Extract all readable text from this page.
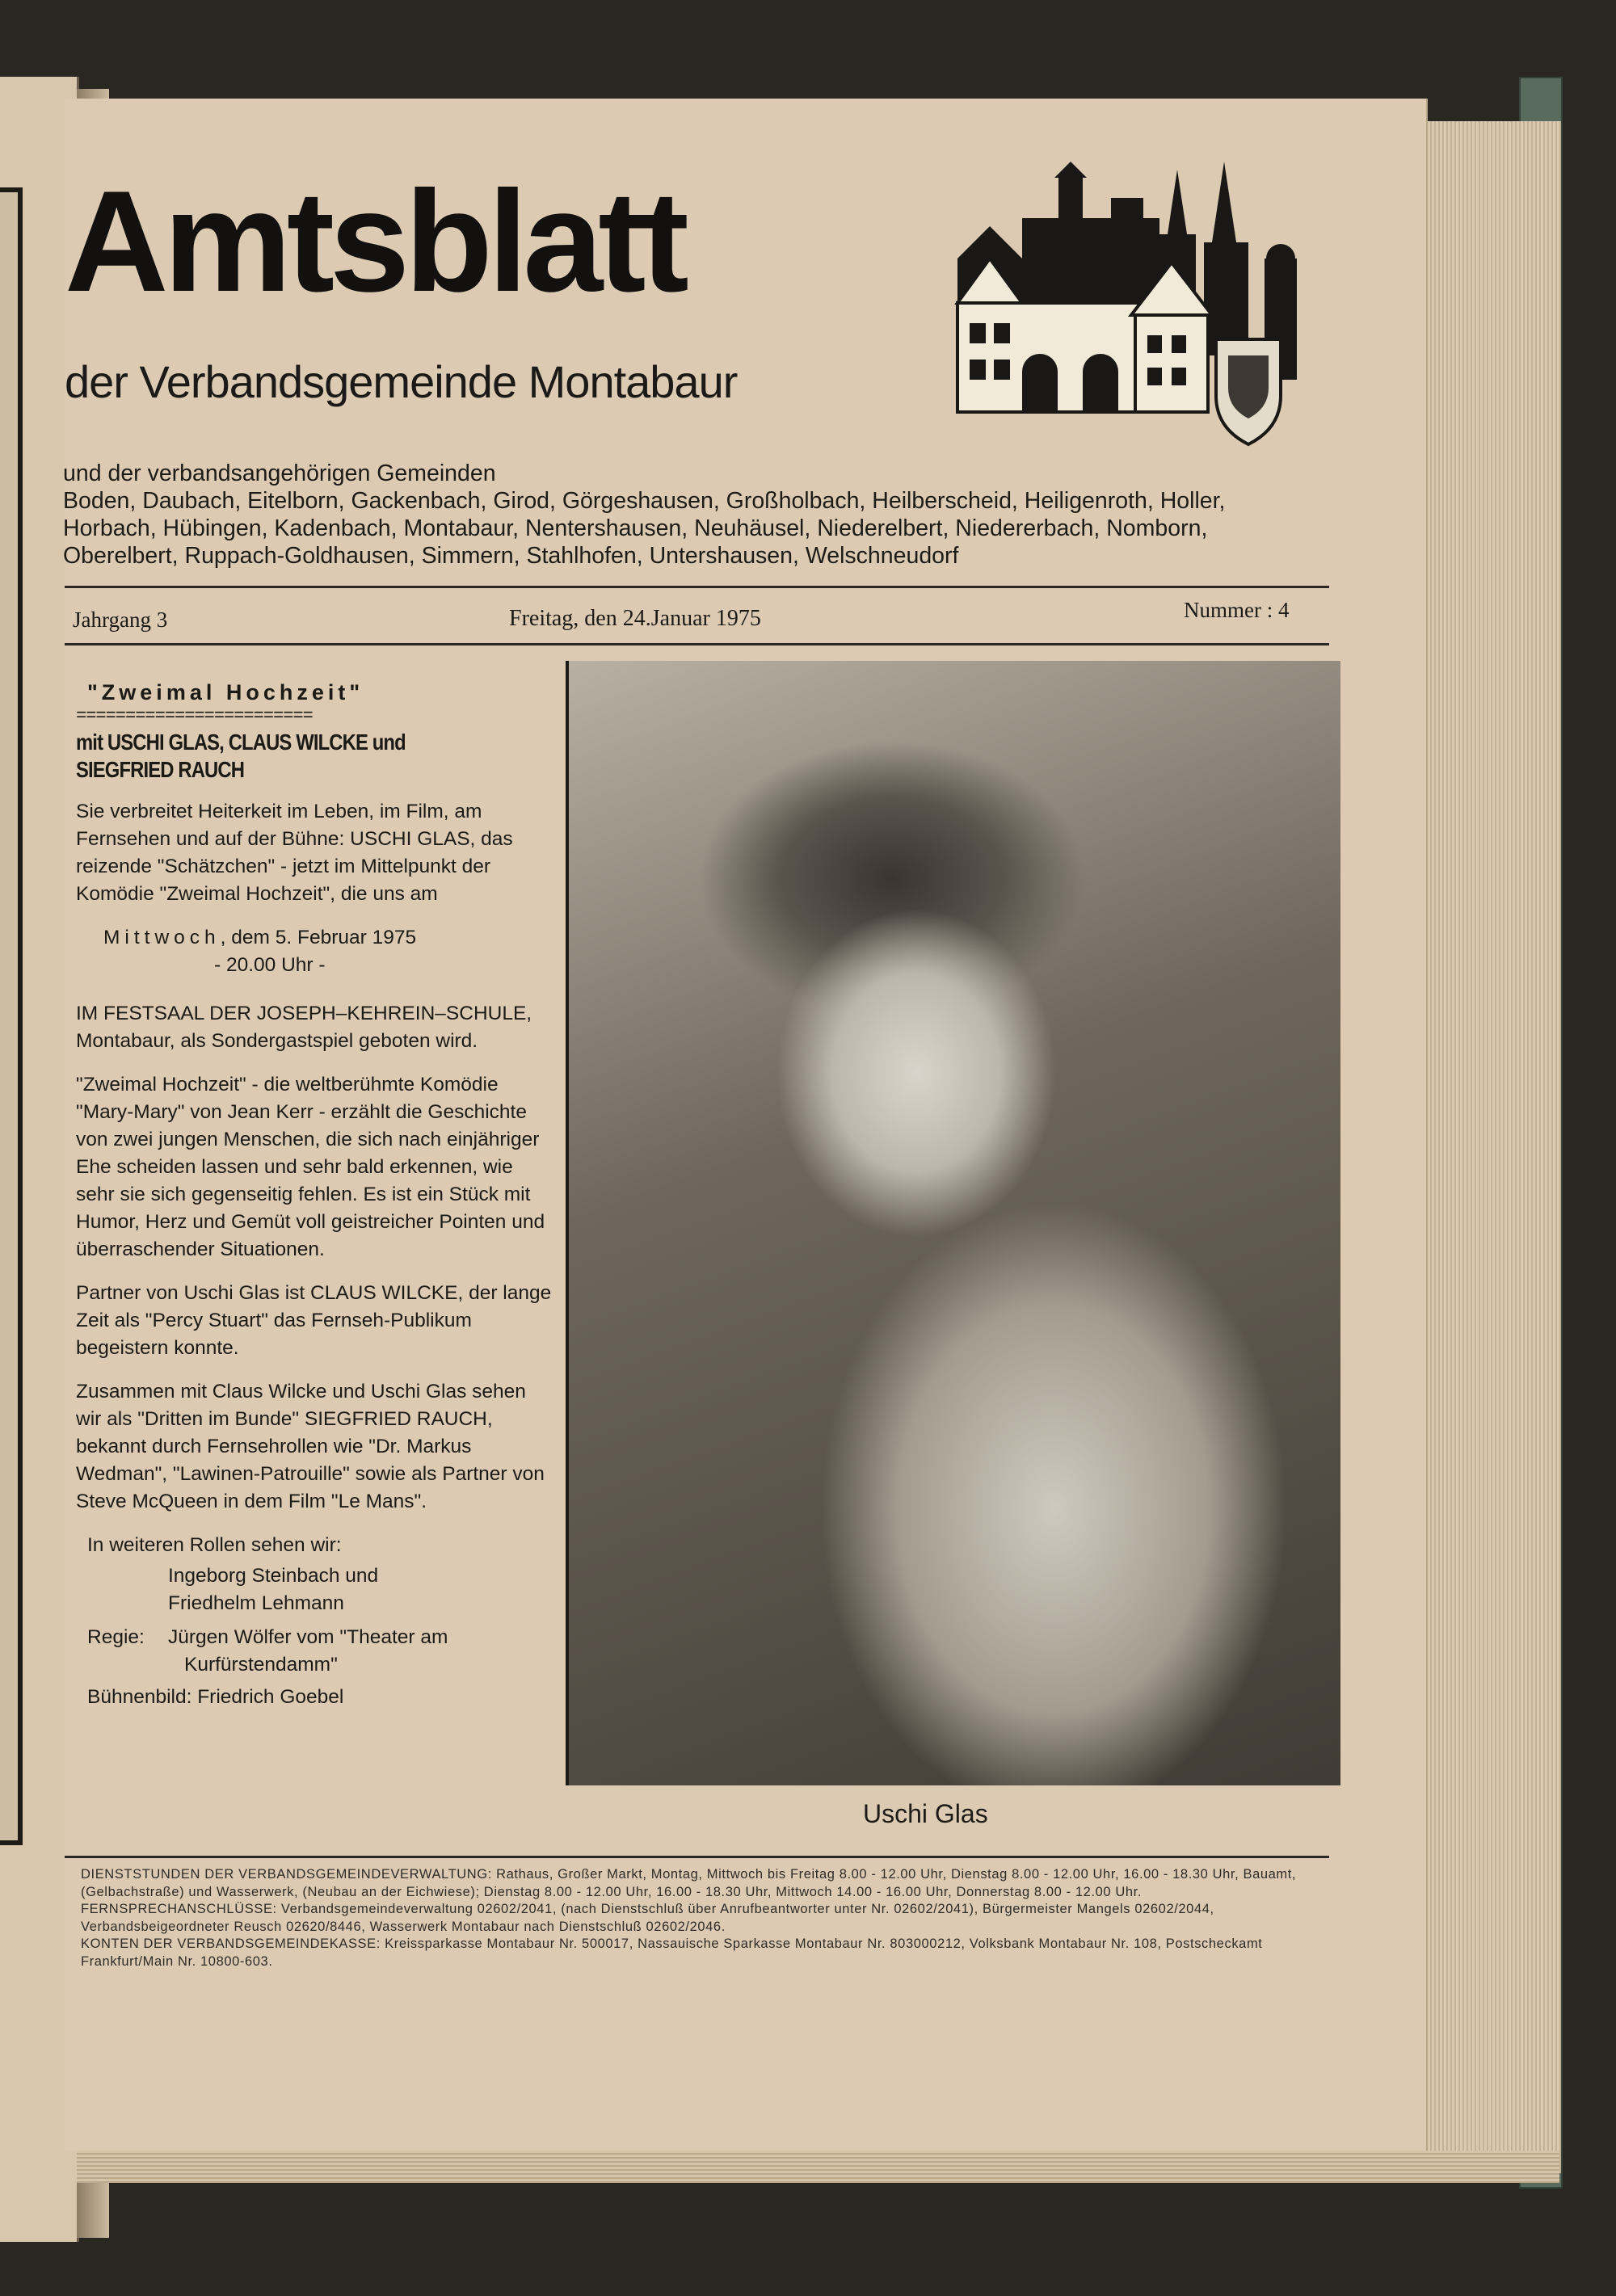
Amtsblatt
der Verbandsgemeinde Montabaur
und der verbandsangehörigen Gemeinden
Boden, Daubach, Eitelborn, Gackenbach, Girod, Görgeshausen, Großholbach, Heilberscheid, Heiligenroth, Holler,
Horbach, Hübingen, Kadenbach, Montabaur, Nentershausen, Neuhäusel, Niederelbert, Niedererbach, Nomborn,
Oberelbert, Ruppach-Goldhausen, Simmern, Stahlhofen, Untershausen, Welschneudorf
Jahrgang 3	Freitag, den 24.Januar 1975	Nummer : 4
"Zweimal Hochzeit"
========================
mit USCHI GLAS, CLAUS WILCKE und SIEGFRIED RAUCH

Sie verbreitet Heiterkeit im Leben, im Film, am Fernsehen und auf der Bühne: USCHI GLAS, das reizende "Schätzchen" - jetzt im Mittelpunkt der Komödie "Zweimal Hochzeit", die uns am

Mittwoch, dem 5. Februar 1975
- 20.00 Uhr -

IM FESTSAAL DER JOSEPH–KEHREIN–SCHULE, Montabaur, als Sondergastspiel geboten wird.

"Zweimal Hochzeit" - die weltberühmte Komödie "Mary-Mary" von Jean Kerr - erzählt die Geschichte von zwei jungen Menschen, die sich nach einjähriger Ehe scheiden lassen und sehr bald erkennen, wie sehr sie sich gegenseitig fehlen. Es ist ein Stück mit Humor, Herz und Gemüt voll geistreicher Pointen und überraschender Situationen.

Partner von Uschi Glas ist CLAUS WILCKE, der lange Zeit als "Percy Stuart" das Fernseh-Publikum begeistern konnte.

Zusammen mit Claus Wilcke und Uschi Glas sehen wir als "Dritten im Bunde" SIEGFRIED RAUCH, bekannt durch Fernsehrollen wie "Dr. Markus Wedman", "Lawinen-Patrouille" sowie als Partner von Steve McQueen in dem Film "Le Mans".

In weiteren Rollen sehen wir:
Ingeborg Steinbach und
Friedhelm Lehmann
Regie:	Jürgen Wölfer vom "Theater am
Kurfürstendamm"
Bühnenbild: Friedrich Goebel
Uschi Glas

DIENSTSTUNDEN DER VERBANDSGEMEINDEVERWALTUNG: Rathaus, Großer Markt, Montag, Mittwoch bis Freitag 8.00 - 12.00 Uhr, Dienstag 8.00 - 12.00 Uhr, 16.00 - 18.30 Uhr, Bauamt, (Gelbachstraße) und Wasserwerk, (Neubau an der Eichwiese); Dienstag 8.00 - 12.00 Uhr, 16.00 - 18.30 Uhr, Mittwoch 14.00 - 16.00 Uhr, Donnerstag 8.00 - 12.00 Uhr.

FERNSPRECHANSCHLÜSSE: Verbandsgemeindeverwaltung 02602/2041, (nach Dienstschluß über Anrufbeantworter unter Nr. 02602/2041), Bürgermeister Mangels 02602/2044, Verbandsbeigeordneter Reusch 02620/8446, Wasserwerk Montabaur nach Dienstschluß 02602/2046.

KONTEN DER VERBANDSGEMEINDEKASSE: Kreissparkasse Montabaur Nr. 500017, Nassauische Sparkasse Montabaur Nr. 803000212, Volksbank Montabaur Nr. 108, Postscheckamt Frankfurt/Main Nr. 10800-603.
